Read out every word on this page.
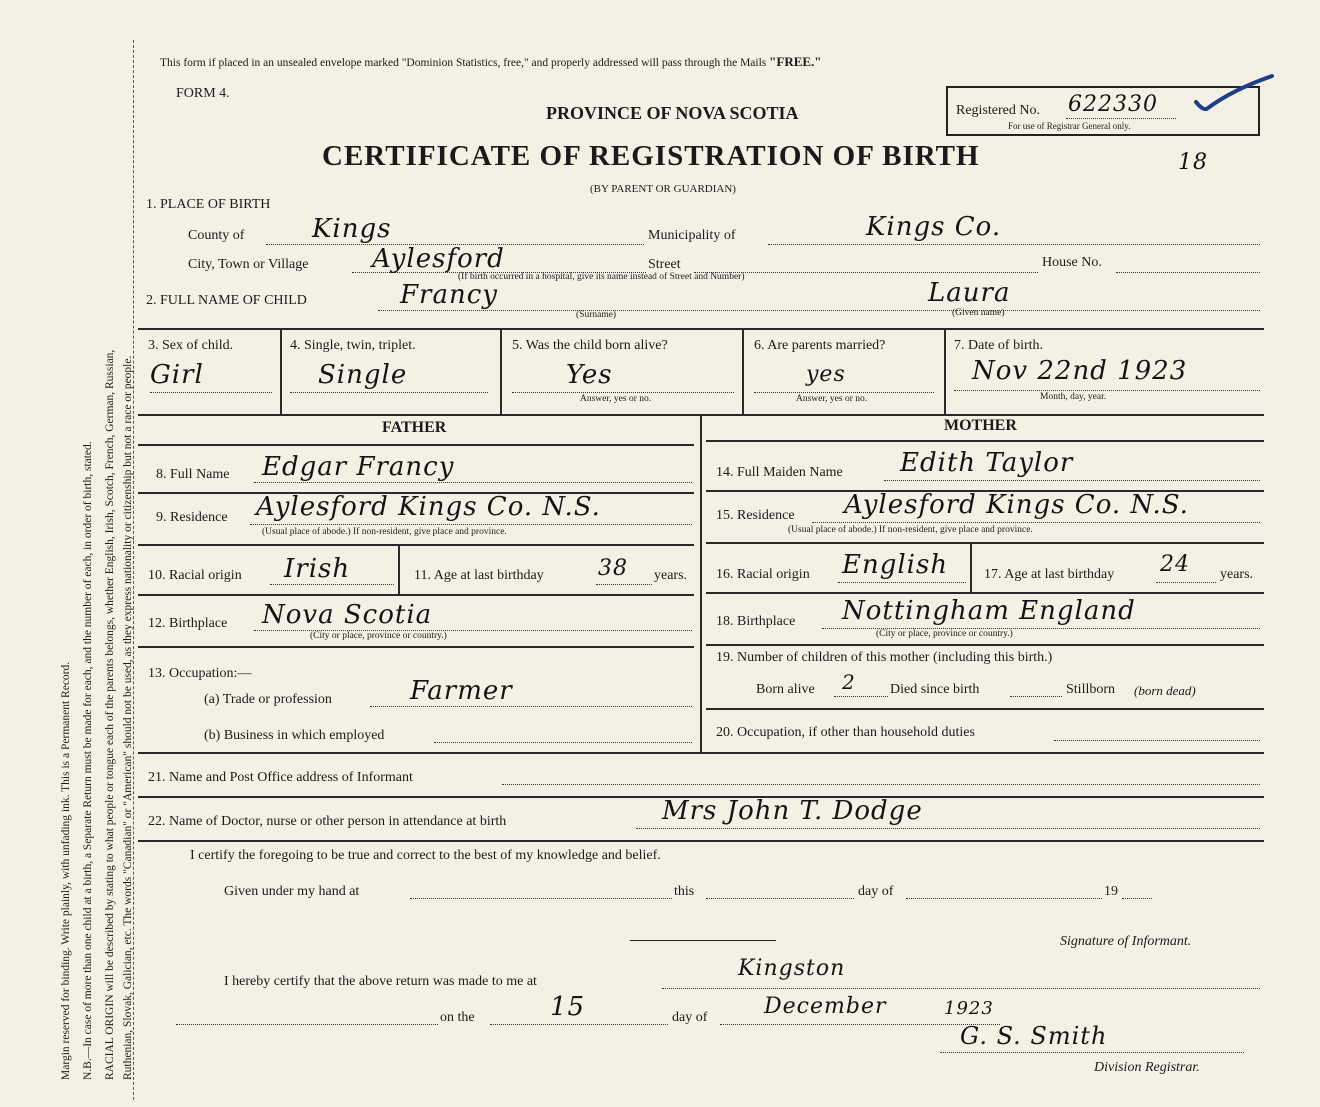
Margin reserved for binding. Write plainly, with unfading ink. This is a Permanent Record. N.B.—In case of more than one child at a birth, a Separate Return must be made for each, and the number of each, in order of birth, stated. RACIAL ORIGIN will be described by stating to what people or tongue each of the parents belongs, whether English, Irish, Scotch, French, German, Russian, Ruthenian, Slovak, Galician, etc. The words "Canadian" or "American" should not be used, as they express nationality or citizenship but not a race or people.
This form if placed in an unsealed envelope marked "Dominion Statistics, free," and properly addressed will pass through the Mails "FREE."
FORM 4.
PROVINCE OF NOVA SCOTIA
CERTIFICATE OF REGISTRATION OF BIRTH
(BY PARENT OR GUARDIAN)
Registered No. 622330
For use of Registrar General only.
18
1. PLACE OF BIRTH
County of	Kings	Municipality of	Kings Co.
City, Town or Village Aylesford	Street	House No.
(If birth occurred in a hospital, give its name instead of Street and Number)
2. FULL NAME OF CHILD	Francy	Laura
(Surname)	(Given name)
3. Sex of child.
Girl
4. Single, twin, triplet.
Single
5. Was the child born alive?
Yes
Answer, yes or no.
6. Are parents married?
yes
Answer, yes or no.
7. Date of birth.
Nov 22nd 1923
Month, day, year.
FATHER
8. Full Name Edgar Francy
9. Residence Aylesford Kings Co. N.S.
(Usual place of abode.) If non-resident, give place and province.
10. Racial origin Irish	11. Age at last birthday 38 years.
12. Birthplace Nova Scotia
(City or place, province or country.)
13. Occupation:—
(a) Trade or profession	Farmer
(b) Business in which employed
MOTHER
14. Full Maiden Name Edith Taylor
15. Residence Aylesford Kings Co. N.S.
(Usual place of abode.) If non-resident, give place and province.
16. Racial origin English	17. Age at last birthday 24 years.
18. Birthplace Nottingham England
(City or place, province or country.)
19. Number of children of this mother (including this birth.)
Born alive 2 Died since birth	Stillborn (born dead)
20. Occupation, if other than household duties
21. Name and Post Office address of Informant
22. Name of Doctor, nurse or other person in attendance at birth	Mrs John T. Dodge
I certify the foregoing to be true and correct to the best of my knowledge and belief.
Given under my hand at	this	day of	19
Signature of Informant.
I hereby certify that the above return was made to me at
Kingston
on the	15	day of	December	1923
G. S. Smith
Division Registrar.
